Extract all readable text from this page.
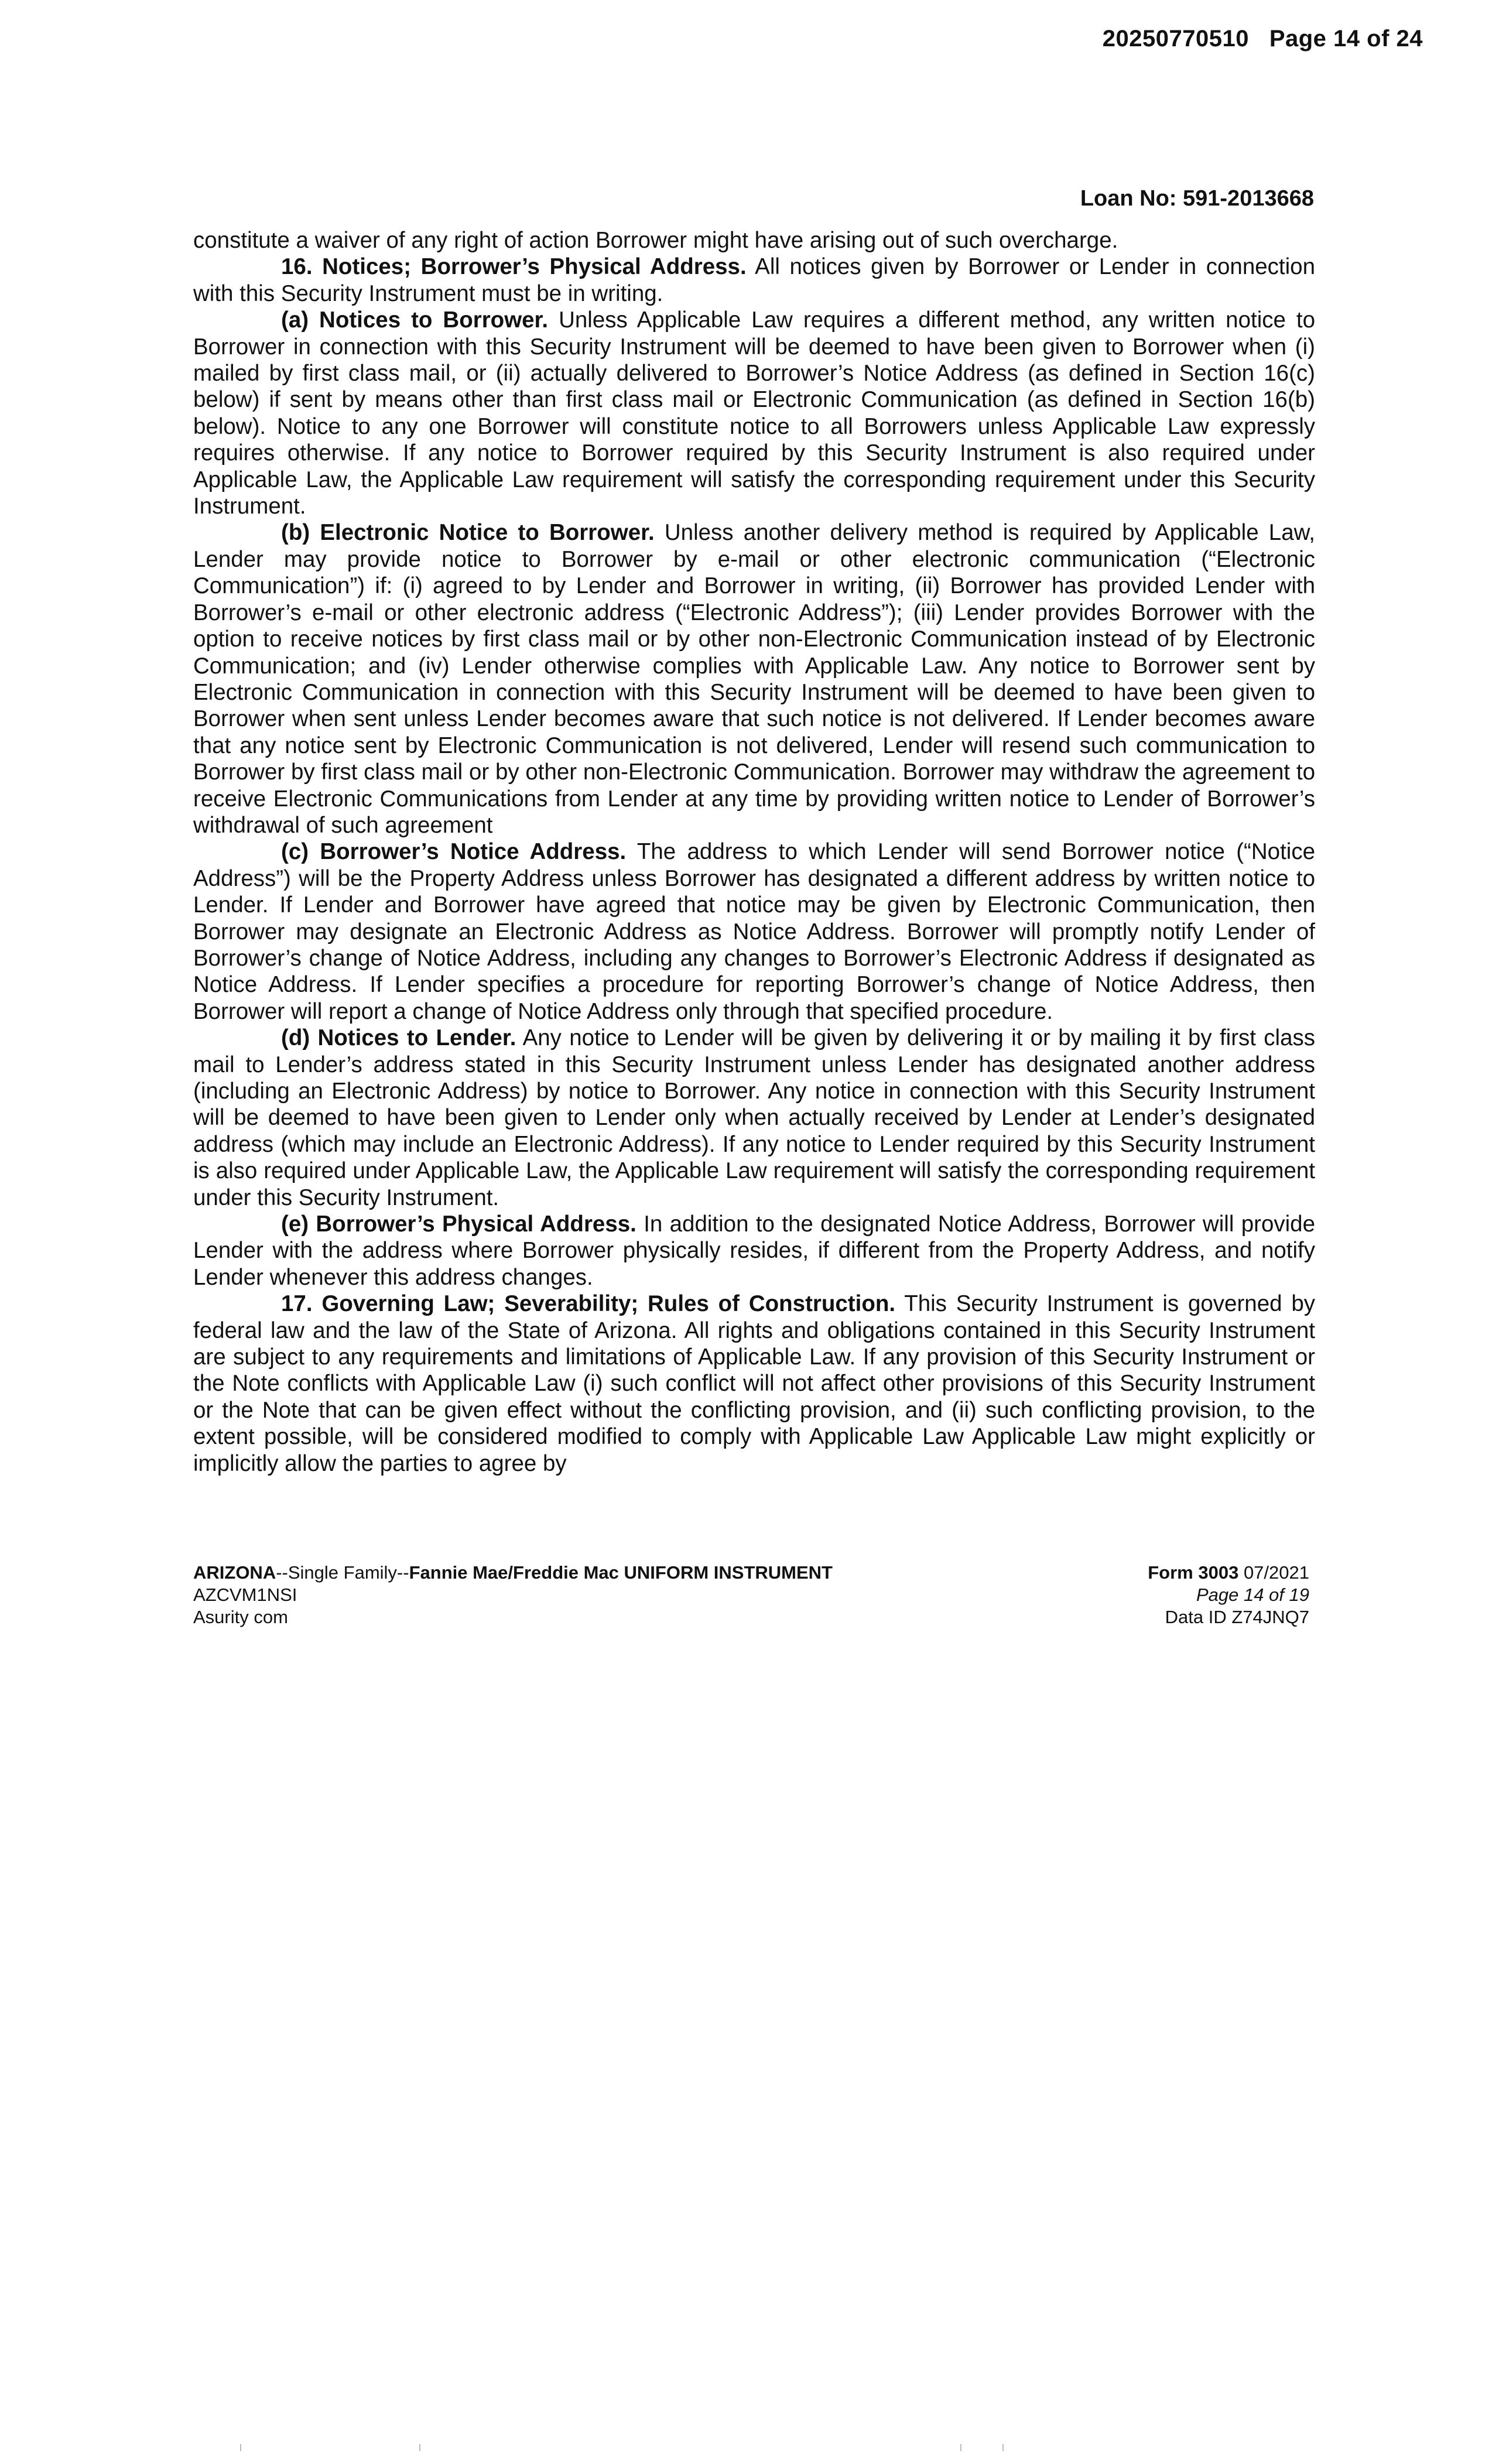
20250770510 Page 14 of 24
Loan No: 591-2013668

constitute a waiver of any right of action Borrower might have arising out of such overcharge.

16. Notices; Borrower’s Physical Address. All notices given by Borrower or Lender in connection with this Security Instrument must be in writing.

(a) Notices to Borrower. Unless Applicable Law requires a different method, any written notice to Borrower in connection with this Security Instrument will be deemed to have been given to Borrower when (i) mailed by first class mail, or (ii) actually delivered to Borrower’s Notice Address (as defined in Section 16(c) below) if sent by means other than first class mail or Electronic Communication (as defined in Section 16(b) below). Notice to any one Borrower will constitute notice to all Borrowers unless Applicable Law expressly requires otherwise. If any notice to Borrower required by this Security Instrument is also required under Applicable Law, the Applicable Law requirement will satisfy the corresponding requirement under this Security Instrument.

(b) Electronic Notice to Borrower. Unless another delivery method is required by Applicable Law, Lender may provide notice to Borrower by e-mail or other electronic communication (“Electronic Communication”) if: (i) agreed to by Lender and Borrower in writing, (ii) Borrower has provided Lender with Borrower’s e-mail or other electronic address (“Electronic Address”); (iii) Lender provides Borrower with the option to receive notices by first class mail or by other non-Electronic Communication instead of by Electronic Communication; and (iv) Lender otherwise complies with Applicable Law. Any notice to Borrower sent by Electronic Communication in connection with this Security Instrument will be deemed to have been given to Borrower when sent unless Lender becomes aware that such notice is not delivered. If Lender becomes aware that any notice sent by Electronic Communication is not delivered, Lender will resend such communication to Borrower by first class mail or by other non-Electronic Communication. Borrower may withdraw the agreement to receive Electronic Communications from Lender at any time by providing written notice to Lender of Borrower’s withdrawal of such agreement

(c) Borrower’s Notice Address. The address to which Lender will send Borrower notice (“Notice Address”) will be the Property Address unless Borrower has designated a different address by written notice to Lender. If Lender and Borrower have agreed that notice may be given by Electronic Communication, then Borrower may designate an Electronic Address as Notice Address. Borrower will promptly notify Lender of Borrower’s change of Notice Address, including any changes to Borrower’s Electronic Address if designated as Notice Address. If Lender specifies a procedure for reporting Borrower’s change of Notice Address, then Borrower will report a change of Notice Address only through that specified procedure.

(d) Notices to Lender. Any notice to Lender will be given by delivering it or by mailing it by first class mail to Lender’s address stated in this Security Instrument unless Lender has designated another address (including an Electronic Address) by notice to Borrower. Any notice in connection with this Security Instrument will be deemed to have been given to Lender only when actually received by Lender at Lender’s designated address (which may include an Electronic Address). If any notice to Lender required by this Security Instrument is also required under Applicable Law, the Applicable Law requirement will satisfy the corresponding requirement under this Security Instrument.

(e) Borrower’s Physical Address. In addition to the designated Notice Address, Borrower will provide Lender with the address where Borrower physically resides, if different from the Property Address, and notify Lender whenever this address changes.

17. Governing Law; Severability; Rules of Construction. This Security Instrument is governed by federal law and the law of the State of Arizona. All rights and obligations contained in this Security Instrument are subject to any requirements and limitations of Applicable Law. If any provision of this Security Instrument or the Note conflicts with Applicable Law (i) such conflict will not affect other provisions of this Security Instrument or the Note that can be given effect without the conflicting provision, and (ii) such conflicting provision, to the extent possible, will be considered modified to comply with Applicable Law Applicable Law might explicitly or implicitly allow the parties to agree by

ARIZONA--Single Family--Fannie Mae/Freddie Mac UNIFORM INSTRUMENT
AZCVM1NSI
Asurity com
Form 3003 07/2021
Page 14 of 19
Data ID Z74JNQ7
